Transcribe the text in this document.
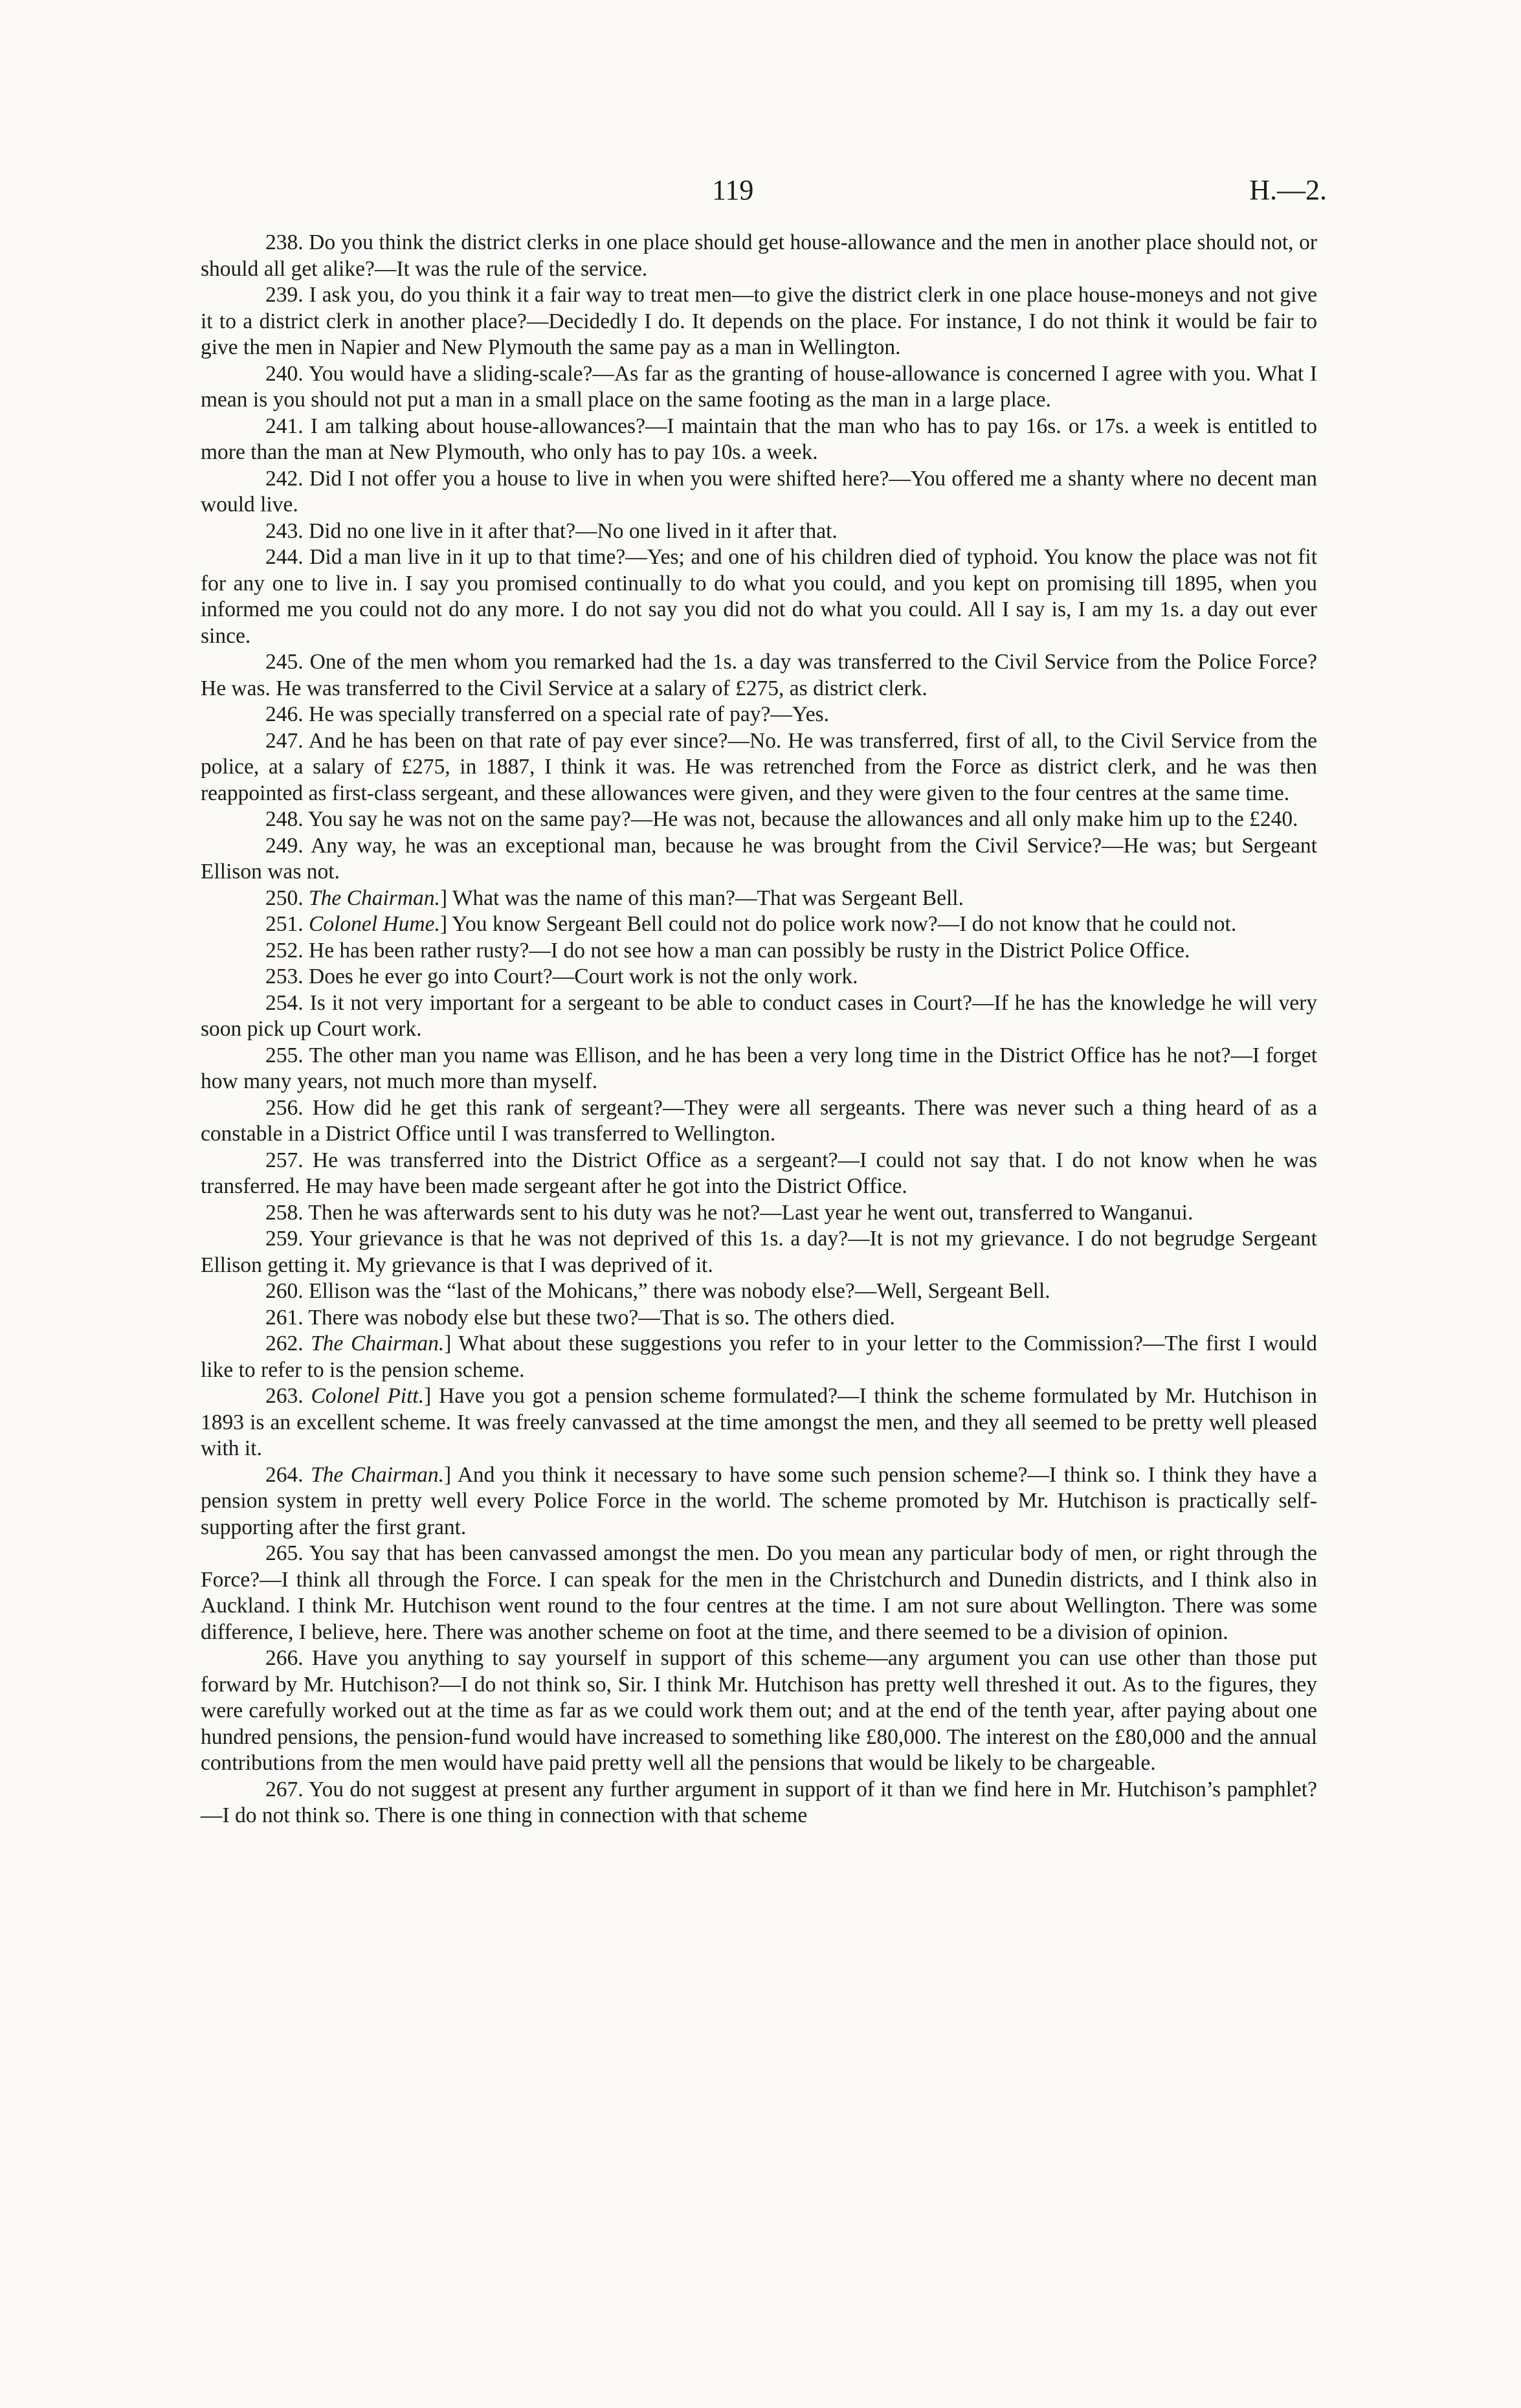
119	H.—2.

238. Do you think the district clerks in one place should get house-allowance and the men in another place should not, or should all get alike?—It was the rule of the service.

239. I ask you, do you think it a fair way to treat men—to give the district clerk in one place house-moneys and not give it to a district clerk in another place?—Decidedly I do. It depends on the place. For instance, I do not think it would be fair to give the men in Napier and New Plymouth the same pay as a man in Wellington.

240. You would have a sliding-scale?—As far as the granting of house-allowance is concerned I agree with you. What I mean is you should not put a man in a small place on the same footing as the man in a large place.

241. I am talking about house-allowances?—I maintain that the man who has to pay 16s. or 17s. a week is entitled to more than the man at New Plymouth, who only has to pay 10s. a week.

242. Did I not offer you a house to live in when you were shifted here?—You offered me a shanty where no decent man would live.

243. Did no one live in it after that?—No one lived in it after that.

244. Did a man live in it up to that time?—Yes; and one of his children died of typhoid. You know the place was not fit for any one to live in. I say you promised continually to do what you could, and you kept on promising till 1895, when you informed me you could not do any more. I do not say you did not do what you could. All I say is, I am my 1s. a day out ever since.

245. One of the men whom you remarked had the 1s. a day was transferred to the Civil Service from the Police Force? He was. He was transferred to the Civil Service at a salary of £275, as district clerk.

246. He was specially transferred on a special rate of pay?—Yes.

247. And he has been on that rate of pay ever since?—No. He was transferred, first of all, to the Civil Service from the police, at a salary of £275, in 1887, I think it was. He was retrenched from the Force as district clerk, and he was then reappointed as first-class sergeant, and these allowances were given, and they were given to the four centres at the same time.

248. You say he was not on the same pay?—He was not, because the allowances and all only make him up to the £240.

249. Any way, he was an exceptional man, because he was brought from the Civil Service?—He was; but Sergeant Ellison was not.

250. The Chairman.] What was the name of this man?—That was Sergeant Bell.

251. Colonel Hume.] You know Sergeant Bell could not do police work now?—I do not know that he could not.

252. He has been rather rusty?—I do not see how a man can possibly be rusty in the District Police Office.

253. Does he ever go into Court?—Court work is not the only work.

254. Is it not very important for a sergeant to be able to conduct cases in Court?—If he has the knowledge he will very soon pick up Court work.

255. The other man you name was Ellison, and he has been a very long time in the District Office has he not?—I forget how many years, not much more than myself.

256. How did he get this rank of sergeant?—They were all sergeants. There was never such a thing heard of as a constable in a District Office until I was transferred to Wellington.

257. He was transferred into the District Office as a sergeant?—I could not say that. I do not know when he was transferred. He may have been made sergeant after he got into the District Office.

258. Then he was afterwards sent to his duty was he not?—Last year he went out, transferred to Wanganui.

259. Your grievance is that he was not deprived of this 1s. a day?—It is not my grievance. I do not begrudge Sergeant Ellison getting it. My grievance is that I was deprived of it.

260. Ellison was the “last of the Mohicans,” there was nobody else?—Well, Sergeant Bell.

261. There was nobody else but these two?—That is so. The others died.

262. The Chairman.] What about these suggestions you refer to in your letter to the Commission?—The first I would like to refer to is the pension scheme.

263. Colonel Pitt.] Have you got a pension scheme formulated?—I think the scheme formulated by Mr. Hutchison in 1893 is an excellent scheme. It was freely canvassed at the time amongst the men, and they all seemed to be pretty well pleased with it.

264. The Chairman.] And you think it necessary to have some such pension scheme?—I think so. I think they have a pension system in pretty well every Police Force in the world. The scheme promoted by Mr. Hutchison is practically self-supporting after the first grant.

265. You say that has been canvassed amongst the men. Do you mean any particular body of men, or right through the Force?—I think all through the Force. I can speak for the men in the Christchurch and Dunedin districts, and I think also in Auckland. I think Mr. Hutchison went round to the four centres at the time. I am not sure about Wellington. There was some difference, I believe, here. There was another scheme on foot at the time, and there seemed to be a division of opinion.

266. Have you anything to say yourself in support of this scheme—any argument you can use other than those put forward by Mr. Hutchison?—I do not think so, Sir. I think Mr. Hutchison has pretty well threshed it out. As to the figures, they were carefully worked out at the time as far as we could work them out; and at the end of the tenth year, after paying about one hundred pensions, the pension-fund would have increased to something like £80,000. The interest on the £80,000 and the annual contributions from the men would have paid pretty well all the pensions that would be likely to be chargeable.

267. You do not suggest at present any further argument in support of it than we find here in Mr. Hutchison’s pamphlet?—I do not think so. There is one thing in connection with that scheme
